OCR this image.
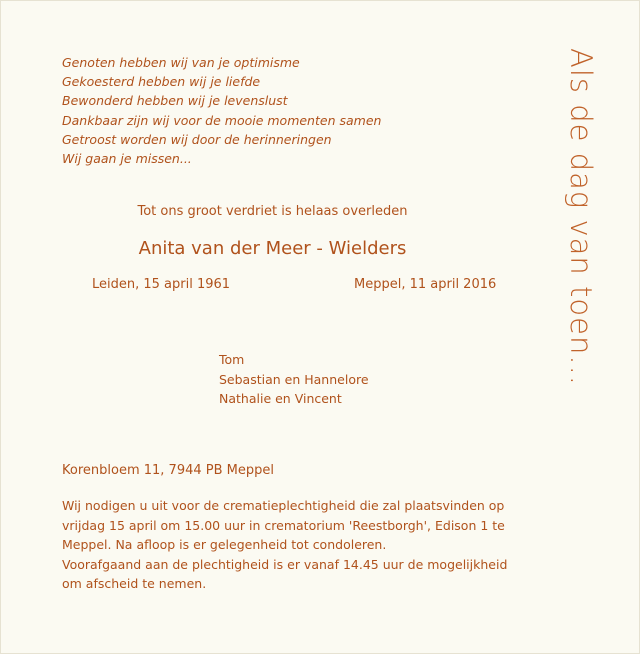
Genoten hebben wij van je optimisme
Gekoesterd hebben wij je liefde
Bewonderd hebben wij je levenslust
Dankbaar zijn wij voor de mooie momenten samen
Getroost worden wij door de herinneringen
Wij gaan je missen...
Tot ons groot verdriet is helaas overleden
Anita van der Meer - Wielders
Leiden, 15 april 1961	Meppel, 11 april 2016
Tom
Sebastian en Hannelore
Nathalie en Vincent
Korenbloem 11, 7944 PB Meppel
Wij nodigen u uit voor de crematieplechtigheid die zal plaatsvinden op
vrijdag 15 april om 15.00 uur in crematorium 'Reestborgh', Edison 1 te
Meppel. Na afloop is er gelegenheid tot condoleren.
Voorafgaand aan de plechtigheid is er vanaf 14.45 uur de mogelijkheid
om afscheid te nemen.
Als de dag van toen...
